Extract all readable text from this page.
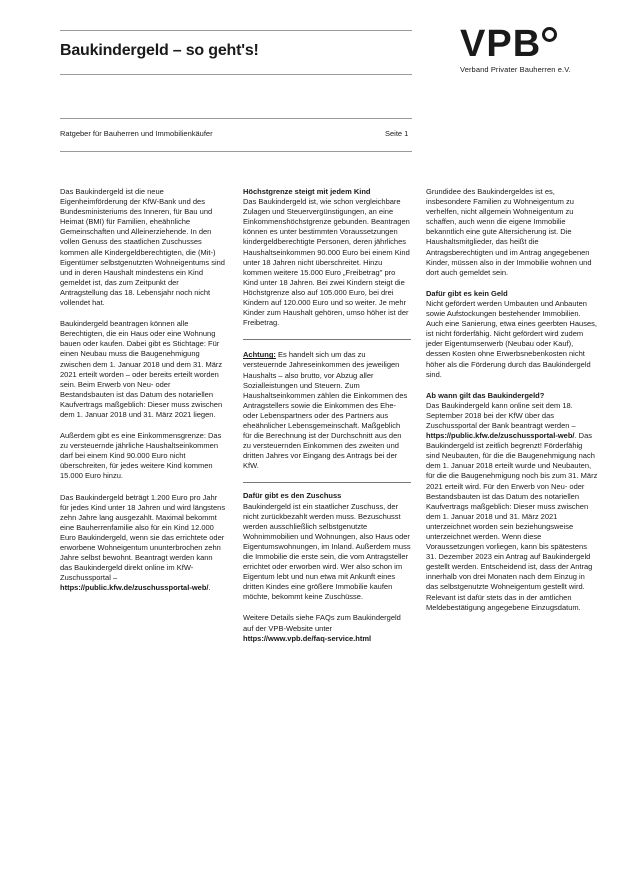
Baukindergeld – so geht's!	VPB
Verband Privater Bauherren e.V.
Ratgeber für Bauherren und Immobilienkäufer	Seite 1

Das Baukindergeld ist die neue Eigenheimförderung der KfW-Bank und des Bundesministeriums des Inneren, für Bau und Heimat (BMI) für Familien, eheähnliche Gemeinschaften und Alleinerziehende. In den vollen Genuss des staatlichen Zuschusses kommen alle Kindergeldberechtigten, die (Mit-) Eigentümer selbstgenutzten Wohneigentums sind und in deren Haushalt mindestens ein Kind gemeldet ist, das zum Zeitpunkt der Antragstellung das 18. Lebensjahr noch nicht vollendet hat.

Baukindergeld beantragen können alle Berechtigten, die ein Haus oder eine Wohnung bauen oder kaufen. Dabei gibt es Stichtage: Für einen Neubau muss die Baugenehmigung zwischen dem 1. Januar 2018 und dem 31. März 2021 erteilt worden – oder bereits erteilt worden sein. Beim Erwerb von Neu- oder Bestandsbauten ist das Datum des notariellen Kaufvertrags maßgeblich: Dieser muss zwischen dem 1. Januar 2018 und 31. März 2021 liegen.

Außerdem gibt es eine Einkommensgrenze: Das zu versteuernde jährliche Haushaltseinkommen darf bei einem Kind 90.000 Euro nicht überschreiten, für jedes weitere Kind kommen 15.000 Euro hinzu.

Das Baukindergeld beträgt 1.200 Euro pro Jahr für jedes Kind unter 18 Jahren und wird längstens zehn Jahre lang ausgezahlt. Maximal bekommt eine Bauherrenfamilie also für ein Kind 12.000 Euro Baukindergeld, wenn sie das errichtete oder erworbene Wohneigentum ununterbrochen zehn Jahre selbst bewohnt. Beantragt werden kann das Baukindergeld direkt online im KfW-Zuschussportal – https://public.kfw.de/zuschussportal-web/.

Höchstgrenze steigt mit jedem Kind

Das Baukindergeld ist, wie schon vergleichbare Zulagen und Steuervergünstigungen, an eine Einkommenshöchstgrenze gebunden. Beantragen können es unter bestimmten Voraussetzungen kindergeldberechtigte Personen, deren jährliches Haushaltseinkommen 90.000 Euro bei einem Kind unter 18 Jahren nicht überschreitet. Hinzu kommen weitere 15.000 Euro „Freibetrag" pro Kind unter 18 Jahren. Bei zwei Kindern steigt die Höchstgrenze also auf 105.000 Euro, bei drei Kindern auf 120.000 Euro und so weiter. Je mehr Kinder zum Haushalt gehören, umso höher ist der Freibetrag.

Achtung: Es handelt sich um das zu versteuernde Jahreseinkommen des jeweiligen Haushalts – also brutto, vor Abzug aller Sozialleistungen und Steuern. Zum Haushaltseinkommen zählen die Einkommen des Antragstellers sowie die Einkommen des Ehe- oder Lebenspartners oder des Partners aus eheähnlicher Lebensgemeinschaft. Maßgeblich für die Berechnung ist der Durchschnitt aus den zu versteuernden Einkommen des zweiten und dritten Jahres vor Eingang des Antrags bei der KfW.

Dafür gibt es den Zuschuss

Baukindergeld ist ein staatlicher Zuschuss, der nicht zurückbezahlt werden muss. Bezuschusst werden ausschließlich selbstgenutzte Wohnimmobilien und Wohnungen, also Haus oder Eigentumswohnungen, im Inland. Außerdem muss die Immobilie die erste sein, die vom Antragsteller errichtet oder erworben wird. Wer also schon im Eigentum lebt und nun etwa mit Ankunft eines dritten Kindes eine größere Immobilie kaufen möchte, bekommt keine Zuschüsse.

Weitere Details siehe FAQs zum Baukindergeld auf der VPB-Website unter https://www.vpb.de/faq-service.html

Grundidee des Baukindergeldes ist es, insbesondere Familien zu Wohneigentum zu verhelfen, nicht allgemein Wohneigentum zu schaffen, auch wenn die eigene Immobilie bekanntlich eine gute Altersicherung ist. Die Haushaltsmitglieder, das heißt die Antragsberechtigten und im Antrag angegebenen Kinder, müssen also in der Immobilie wohnen und dort auch gemeldet sein.

Dafür gibt es kein Geld

Nicht gefördert werden Umbauten und Anbauten sowie Aufstockungen bestehender Immobilien. Auch eine Sanierung, etwa eines geerbten Hauses, ist nicht förderfähig. Nicht gefördert wird zudem jeder Eigentumserwerb (Neubau oder Kauf), dessen Kosten ohne Erwerbsnebenkosten nicht höher als die Förderung durch das Baukindergeld sind.

Ab wann gilt das Baukindergeld?

Das Baukindergeld kann online seit dem 18. September 2018 bei der KfW über das Zuschussportal der Bank beantragt werden – https://public.kfw.de/zuschussportal-web/. Das Baukindergeld ist zeitlich begrenzt! Förderfähig sind Neubauten, für die die Baugenehmigung nach dem 1. Januar 2018 erteilt wurde und Neubauten, für die die Baugenehmigung noch bis zum 31. März 2021 erteilt wird. Für den Erwerb von Neu- oder Bestandsbauten ist das Datum des notariellen Kaufvertrags maßgeblich: Dieser muss zwischen dem 1. Januar 2018 und 31. März 2021 unterzeichnet worden sein beziehungsweise unterzeichnet werden. Wenn diese Voraussetzungen vorliegen, kann bis spätestens 31. Dezember 2023 ein Antrag auf Baukindergeld gestellt werden. Entscheidend ist, dass der Antrag innerhalb von drei Monaten nach dem Einzug in das selbstgenutzte Wohneigentum gestellt wird. Relevant ist dafür stets das in der amtlichen Meldebestätigung angegebene Einzugsdatum.
